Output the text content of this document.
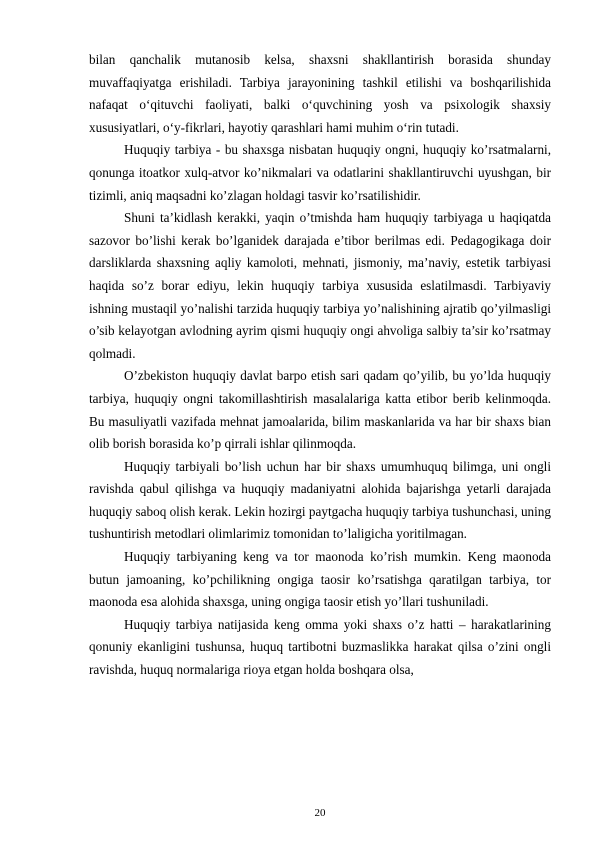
bilan qanchalik mutanosib kelsa, shaxsni shakllantirish borasida shunday muvaffaqiyatga erishiladi. Tarbiya jarayonining tashkil etilishi va boshqarilishida nafaqat o‘qituvchi faoliyati, balki o‘quvchining yosh va psixologik shaxsiy xususiyatlari, o‘y-fikrlari, hayotiy qarashlari hami muhim o‘rin tutadi.

Huquqiy tarbiya - bu shaxsga nisbatan huquqiy ongni, huquqiy ko’rsatmalarni, qonunga itoatkor xulq-atvor ko’nikmalari va odatlarini shakllantiruvchi uyushgan, bir tizimli, aniq maqsadni ko’zlagan holdagi tasvir ko’rsatilishidir.

Shuni ta’kidlash kerakki, yaqin o’tmishda ham huquqiy tarbiyaga u haqiqatda sazovor bo’lishi kerak bo’lganidek darajada e’tibor berilmas edi. Pedagogikaga doir darsliklarda shaxsning aqliy kamoloti, mehnati, jismoniy, ma’naviy, estetik tarbiyasi haqida so’z borar ediyu, lekin huquqiy tarbiya xususida eslatilmasdi. Tarbiyaviy ishning mustaqil yo’nalishi tarzida huquqiy tarbiya yo’nalishining ajratib qo’yilmasligi o’sib kelayotgan avlodning ayrim qismi huquqiy ongi ahvoliga salbiy ta’sir ko’rsatmay qolmadi.

O’zbekiston huquqiy davlat barpo etish sari qadam qo’yilib, bu yo’lda huquqiy tarbiya, huquqiy ongni takomillashtirish masalalariga katta etibor berib kelinmoqda. Bu masuliyatli vazifada mehnat jamoalarida, bilim maskanlarida va har bir shaxs bian olib borish borasida ko’p qirrali ishlar qilinmoqda.

Huquqiy tarbiyali bo’lish uchun har bir shaxs umumhuquq bilimga, uni ongli ravishda qabul qilishga va huquqiy madaniyatni alohida bajarishga yetarli darajada huquqiy saboq olish kerak. Lekin hozirgi paytgacha huquqiy tarbiya tushunchasi, uning tushuntirish metodlari olimlarimiz tomonidan to’laligicha yoritilmagan.

Huquqiy tarbiyaning keng va tor maonoda ko’rish mumkin. Keng maonoda butun jamoaning, ko’pchilikning ongiga taosir ko’rsatishga qaratilgan tarbiya, tor maonoda esa alohida shaxsga, uning ongiga taosir etish yo’llari tushuniladi.

Huquqiy tarbiya natijasida keng omma yoki shaxs o’z hatti – harakatlarining qonuniy ekanligini tushunsa, huquq tartibotni buzmaslikka harakat qilsa o’zini ongli ravishda, huquq normalariga rioya etgan holda boshqara olsa,

20
